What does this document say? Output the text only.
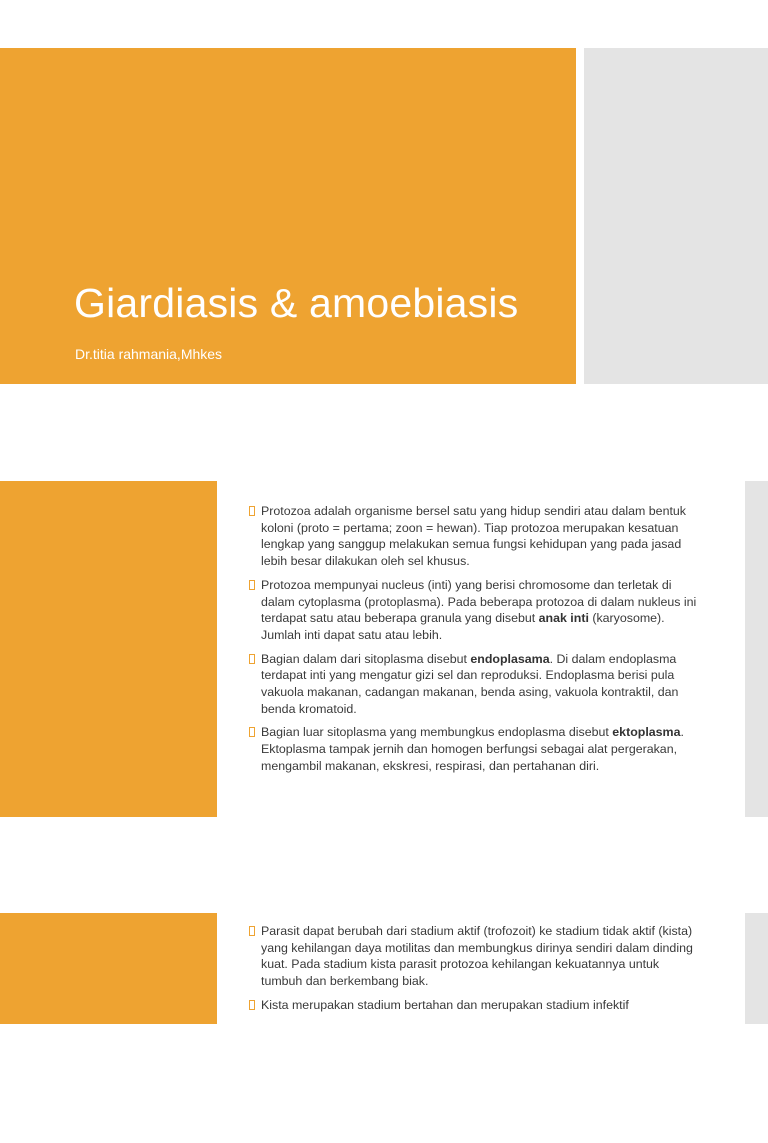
Giardiasis & amoebiasis
Dr.titia rahmania,Mhkes
pendahuluan
Protozoa adalah organisme bersel satu yang hidup sendiri atau dalam bentuk koloni (proto = pertama; zoon = hewan). Tiap protozoa merupakan kesatuan lengkap yang sanggup melakukan semua fungsi kehidupan yang pada jasad lebih besar dilakukan oleh sel khusus.
Protozoa mempunyai nucleus (inti) yang berisi chromosome dan terletak di dalam cytoplasma (protoplasma). Pada beberapa protozoa di dalam nukleus ini terdapat satu atau beberapa granula yang disebut anak inti (karyosome). Jumlah inti dapat satu atau lebih.
Bagian dalam dari sitoplasma disebut endoplasama. Di dalam endoplasma terdapat inti yang mengatur gizi sel dan reproduksi. Endoplasma berisi pula vakuola makanan, cadangan makanan, benda asing, vakuola kontraktil, dan benda kromatoid.
Bagian luar sitoplasma yang membungkus endoplasma disebut ektoplasma. Ektoplasma tampak jernih dan homogen berfungsi sebagai alat pergerakan, mengambil makanan, ekskresi, respirasi, dan pertahanan diri.
Parasit dapat berubah dari stadium aktif (trofozoit) ke stadium tidak aktif (kista) yang kehilangan daya motilitas dan membungkus dirinya sendiri dalam dinding kuat. Pada stadium kista parasit protozoa kehilangan kekuatannya untuk tumbuh dan berkembang biak.
Kista merupakan stadium bertahan dan merupakan stadium infektif
